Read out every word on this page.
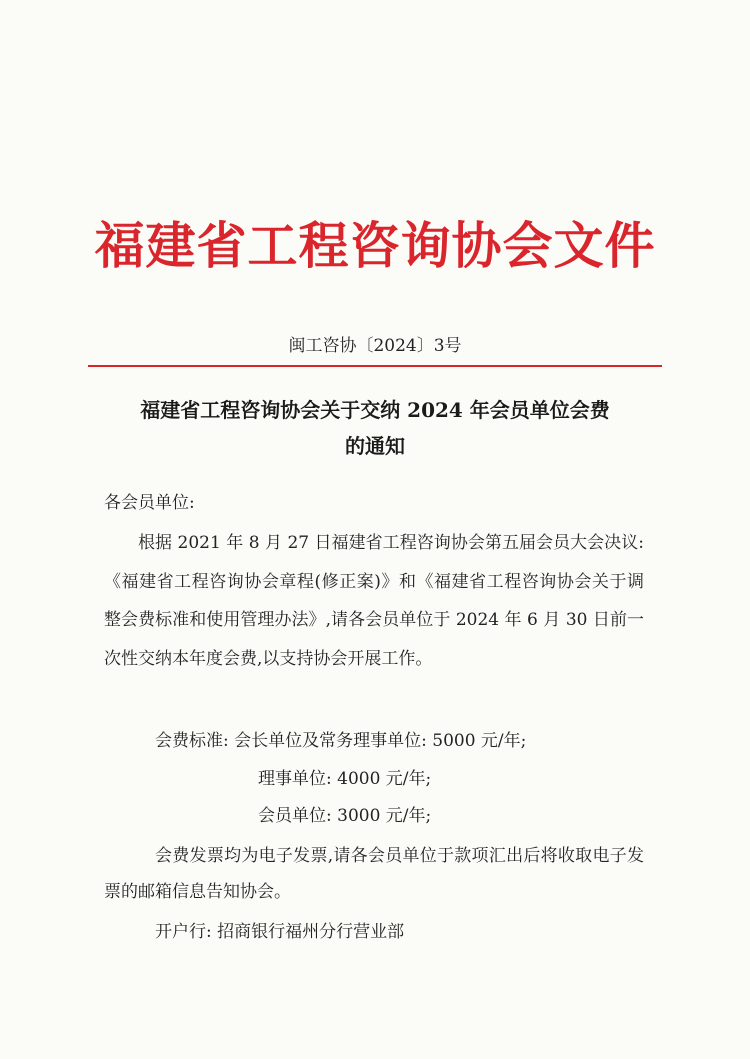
福建省工程咨询协会文件
闽工咨协〔2024〕3号
福建省工程咨询协会关于交纳 2024 年会员单位会费
的通知
各会员单位:
根据 2021 年 8 月 27 日福建省工程咨询协会第五届会员大会决议:《福建省工程咨询协会章程(修正案)》和《福建省工程咨询协会关于调整会费标准和使用管理办法》,请各会员单位于 2024 年 6 月 30 日前一次性交纳本年度会费,以支持协会开展工作。
会费标准: 会长单位及常务理事单位: 5000 元/年;
理事单位: 4000 元/年;
会员单位: 3000 元/年;
会费发票均为电子发票,请各会员单位于款项汇出后将收取电子发票的邮箱信息告知协会。
开户行: 招商银行福州分行营业部
